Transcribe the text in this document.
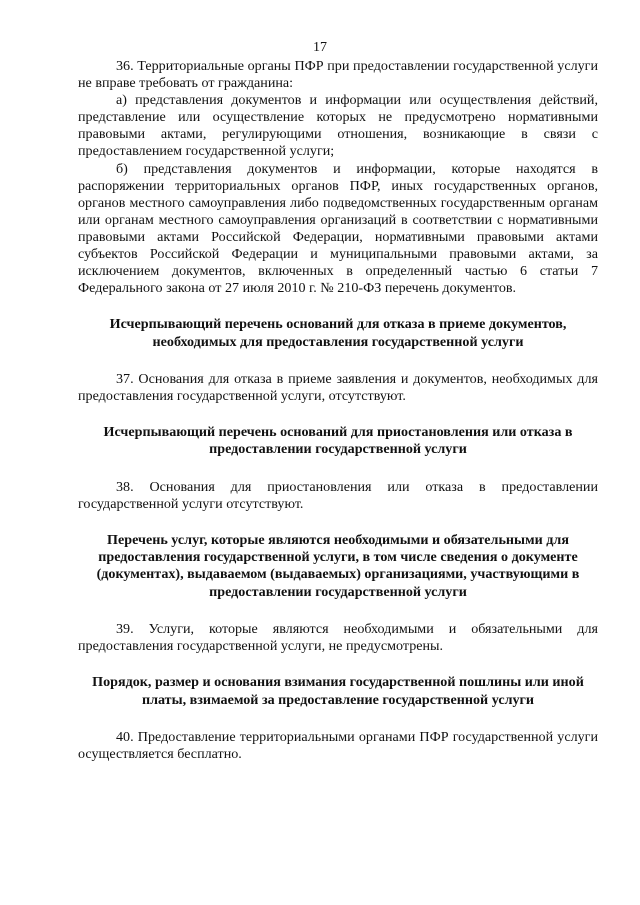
17

36. Территориальные органы ПФР при предоставлении государственной услуги не вправе требовать от гражданина:

а) представления документов и информации или осуществления действий, представление или осуществление которых не предусмотрено нормативными правовыми актами, регулирующими отношения, возникающие в связи с предоставлением государственной услуги;

б) представления документов и информации, которые находятся в распоряжении территориальных органов ПФР, иных государственных органов, органов местного самоуправления либо подведомственных государственным органам или органам местного самоуправления организаций в соответствии с нормативными правовыми актами Российской Федерации, нормативными правовыми актами субъектов Российской Федерации и муниципальными правовыми актами, за исключением документов, включенных в определенный частью 6 статьи 7 Федерального закона от 27 июля 2010 г. № 210-ФЗ перечень документов.

Исчерпывающий перечень оснований для отказа в приеме документов, необходимых для предоставления государственной услуги

37. Основания для отказа в приеме заявления и документов, необходимых для предоставления государственной услуги, отсутствуют.

Исчерпывающий перечень оснований для приостановления или отказа в предоставлении государственной услуги

38. Основания для приостановления или отказа в предоставлении государственной услуги отсутствуют.

Перечень услуг, которые являются необходимыми и обязательными для предоставления государственной услуги, в том числе сведения о документе (документах), выдаваемом (выдаваемых) организациями, участвующими в предоставлении государственной услуги

39. Услуги, которые являются необходимыми и обязательными для предоставления государственной услуги, не предусмотрены.

Порядок, размер и основания взимания государственной пошлины или иной платы, взимаемой за предоставление государственной услуги

40. Предоставление территориальными органами ПФР государственной услуги осуществляется бесплатно.
